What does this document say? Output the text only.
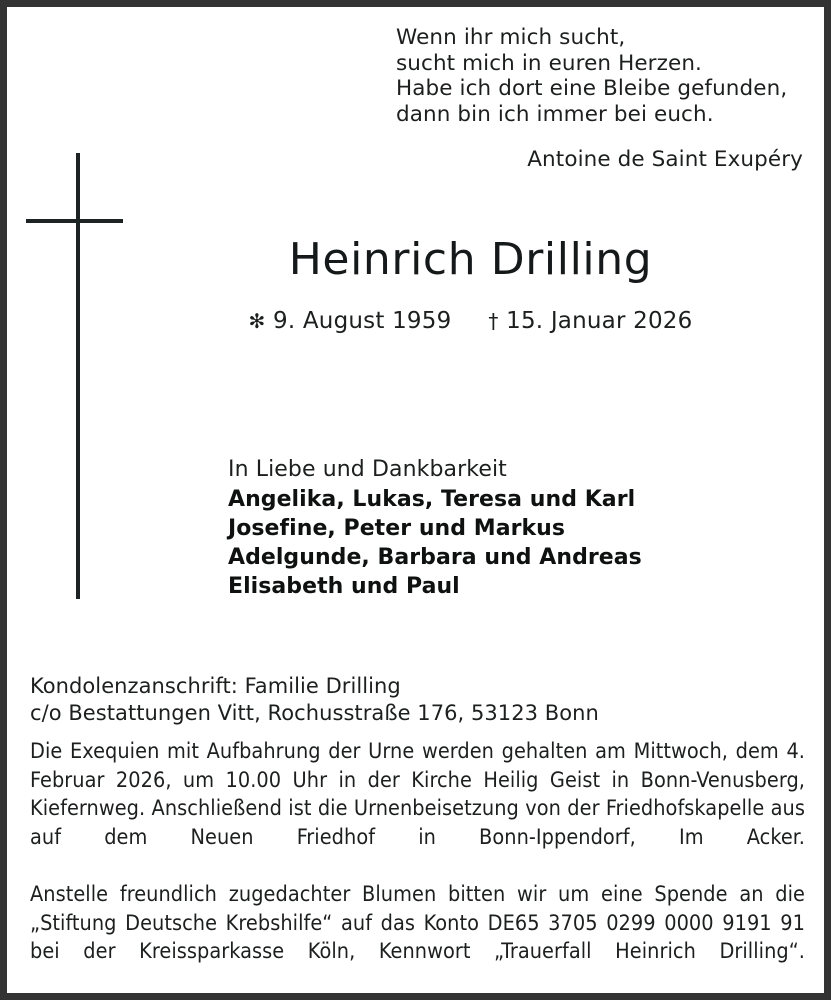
Wenn ihr mich sucht,
sucht mich in euren Herzen.
Habe ich dort eine Bleibe gefunden,
dann bin ich immer bei euch.
Antoine de Saint Exupéry
Heinrich Drilling
✻ 9. August 1959 † 15. Januar 2026
In Liebe und Dankbarkeit
Angelika, Lukas, Teresa und Karl
Josefine, Peter und Markus
Adelgunde, Barbara und Andreas
Elisabeth und Paul
Kondolenzanschrift: Familie Drilling
c/o Bestattungen Vitt, Rochusstraße 176, 53123 Bonn
Die Exequien mit Aufbahrung der Urne werden gehalten am Mittwoch, dem 4. Februar 2026, um 10.00 Uhr in der Kirche Heilig Geist in Bonn-Venusberg, Kiefernweg. Anschließend ist die Urnenbeisetzung von der Friedhofskapelle aus auf dem Neuen Friedhof in Bonn-Ippendorf, Im Acker.
Anstelle freundlich zugedachter Blumen bitten wir um eine Spende an die „Stiftung Deutsche Krebshilfe“ auf das Konto DE65 3705 0299 0000 9191 91 bei der Kreissparkasse Köln, Kennwort „Trauerfall Heinrich Drilling“.
